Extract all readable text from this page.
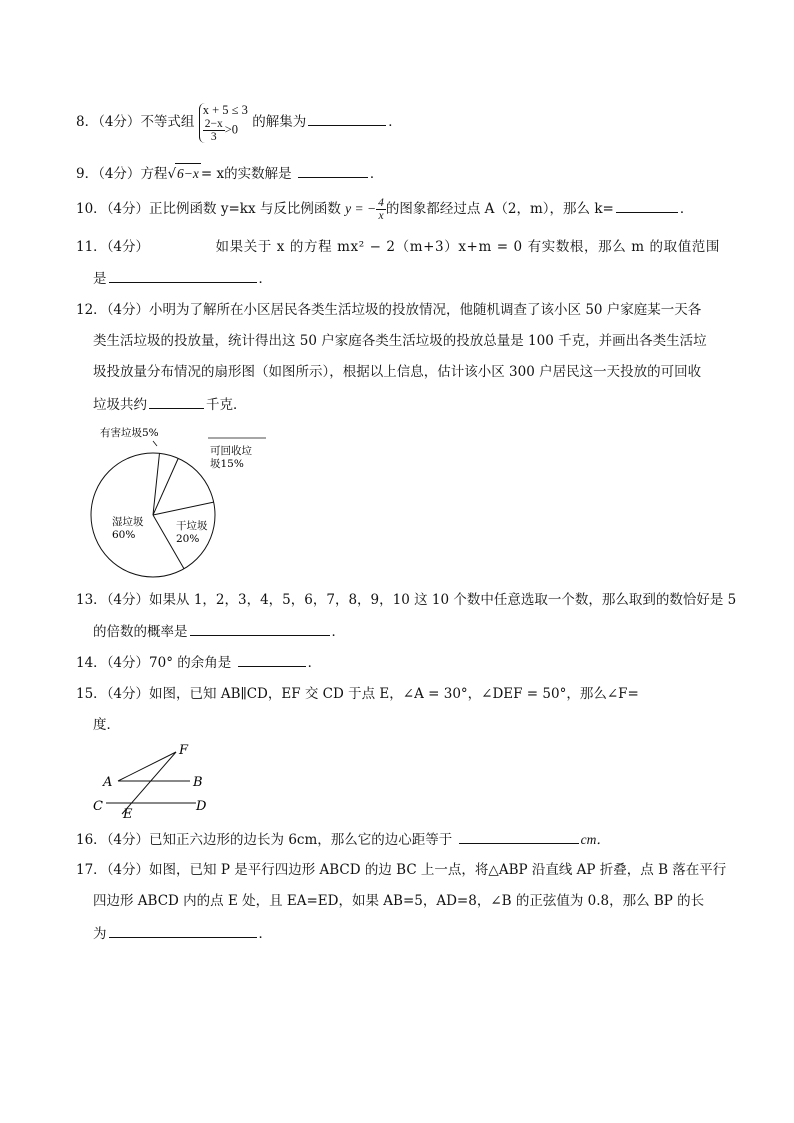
8．（4分）不等式组
x + 5 ≤ 3
$\frac{2-x}{3} >0$	的解集为	．
9．（4分）方程√6−x = x的实数解是	．
10．（4分）正比例函数 y=kx 与反比例函数 y = − $\frac{4}{x}$ 的图象都经过点 A（2，m），那么 k=	．
11．（4分）	如果关于 x 的方程 mx² − 2（m+3）x+m = 0 有实数根，那么 m 的取值范围
是	．
12．（4分）小明为了解所在小区居民各类生活垃圾的投放情况，他随机调查了该小区 50 户家庭某一天各
类生活垃圾的投放量，统计得出这 50 户家庭各类生活垃圾的投放总量是 100 千克，并画出各类生活垃
圾投放量分布情况的扇形图（如图所示），根据以上信息，估计该小区 300 户居民这一天投放的可回收
垃圾共约	千克．
有害垃圾5%
可回收垃
圾15%
干垃圾
20%
湿垃圾
60%
13．（4分）如果从 1，2，3，4，5，6，7，8，9，10 这 10 个数中任意选取一个数，那么取到的数恰好是 5
的倍数的概率是	．
14．（4分）70° 的余角是	．
15．（4分）如图，已知 AB∥CD，EF 交 CD 于点 E，∠A = 30°，∠DEF = 50°，那么∠F=
度．
F
A	B
C
E
D
16．（4分）已知正六边形的边长为 6cm，那么它的边心距等于	cm．
17．（4分）如图，已知 P 是平行四边形 ABCD 的边 BC 上一点，将△ABP 沿直线 AP 折叠，点 B 落在平行
四边形 ABCD 内的点 E 处，且 EA=ED，如果 AB=5，AD=8，∠B 的正弦值为 0.8，那么 BP 的长
为	．
